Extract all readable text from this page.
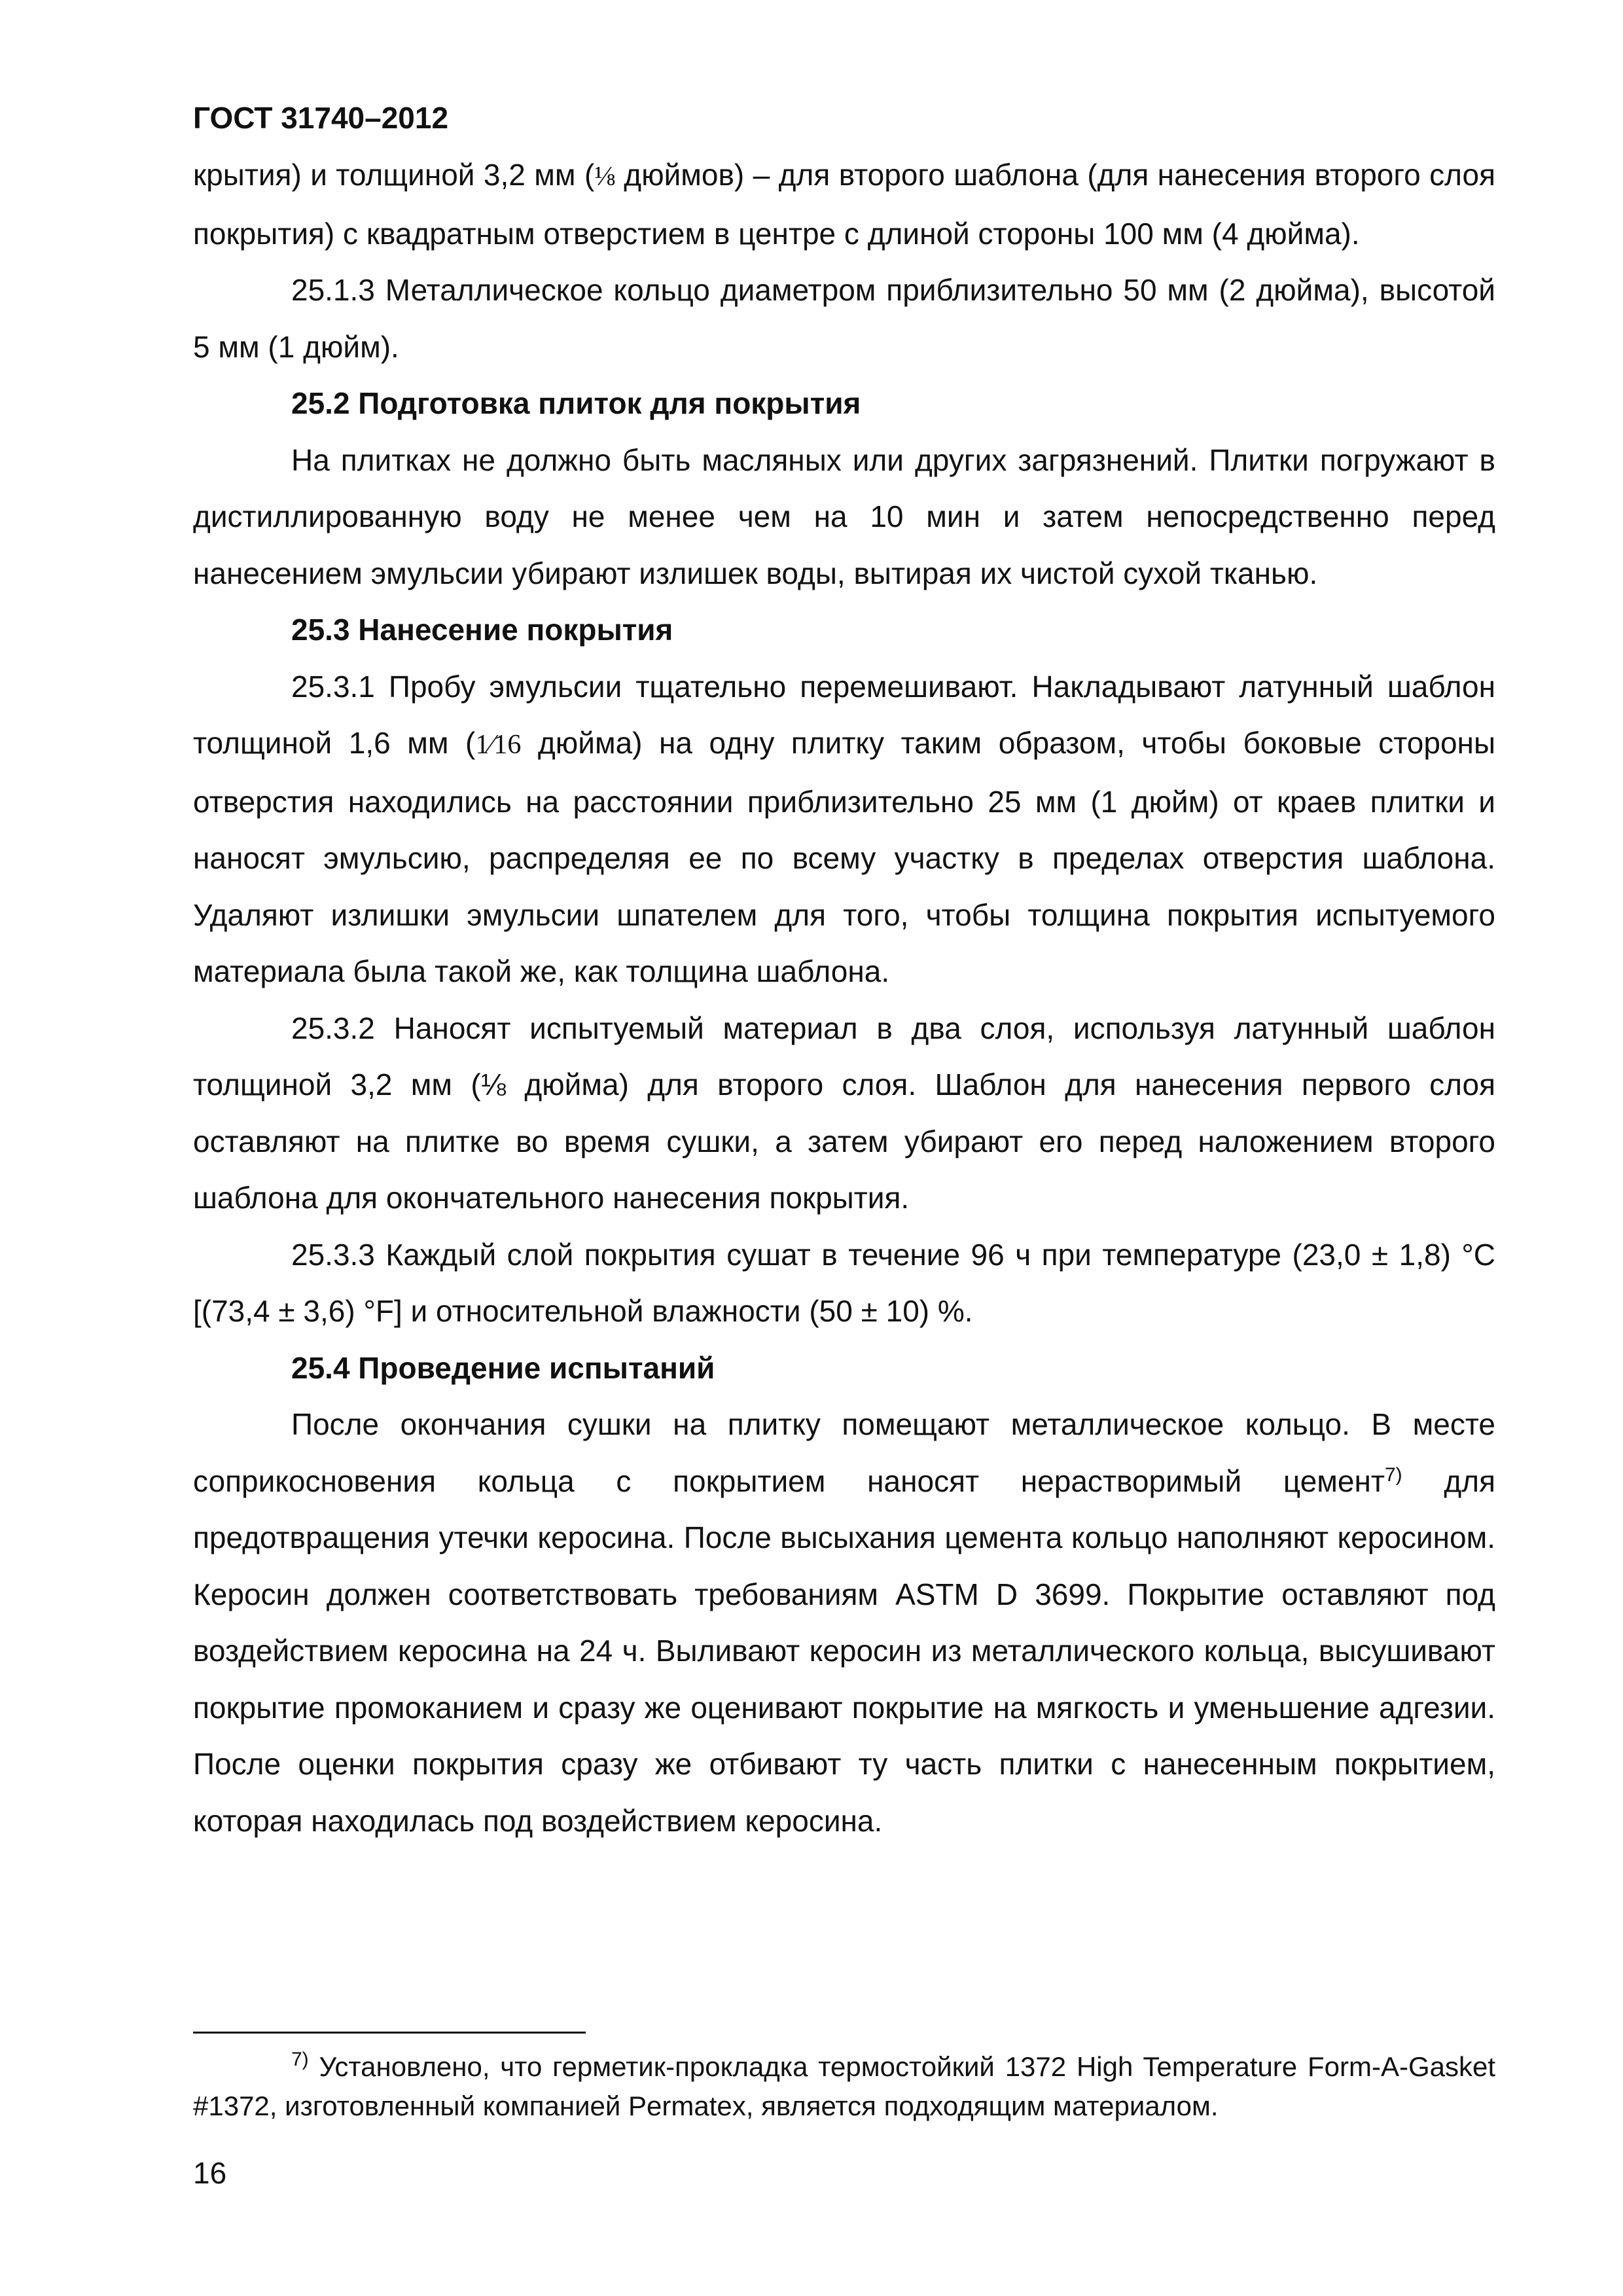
ГОСТ 31740–2012

крытия) и толщиной 3,2 мм (⅛ дюймов) – для второго шаблона (для нанесения второго слоя покрытия) с квадратным отверстием в центре с длиной стороны 100 мм (4 дюйма).

25.1.3 Металлическое кольцо диаметром приблизительно 50 мм (2 дюйма), высотой 5 мм (1 дюйм).

25.2 Подготовка плиток для покрытия

На плитках не должно быть масляных или других загрязнений. Плитки погружают в дистиллированную воду не менее чем на 10 мин и затем непосредственно перед нанесением эмульсии убирают излишек воды, вытирая их чистой сухой тканью.

25.3 Нанесение покрытия

25.3.1 Пробу эмульсии тщательно перемешивают. Накладывают латунный шаблон толщиной 1,6 мм (1⁄16 дюйма) на одну плитку таким образом, чтобы боковые стороны отверстия находились на расстоянии приблизительно 25 мм (1 дюйм) от краев плитки и наносят эмульсию, распределяя ее по всему участку в пределах отверстия шаблона. Удаляют излишки эмульсии шпателем для того, чтобы толщина покрытия испытуемого материала была такой же, как толщина шаблона.

25.3.2 Наносят испытуемый материал в два слоя, используя латунный шаблон толщиной 3,2 мм (⅛ дюйма) для второго слоя. Шаблон для нанесения первого слоя оставляют на плитке во время сушки, а затем убирают его перед наложением второго шаблона для окончательного нанесения покрытия.

25.3.3 Каждый слой покрытия сушат в течение 96 ч при температуре (23,0 ± 1,8) °C [(73,4 ± 3,6) °F] и относительной влажности (50 ± 10) %.

25.4 Проведение испытаний

После окончания сушки на плитку помещают металлическое кольцо. В месте соприкосновения кольца с покрытием наносят нерастворимый цемент$^{7)}$ для предотвращения утечки керосина. После высыхания цемента кольцо наполняют керосином. Керосин должен соответствовать требованиям ASTM D 3699. Покрытие оставляют под воздействием керосина на 24 ч. Выливают керосин из металлического кольца, высушивают покрытие промоканием и сразу же оценивают покрытие на мягкость и уменьшение адгезии. После оценки покрытия сразу же отбивают ту часть плитки с нанесенным покрытием, которая находилась под воздействием керосина.

$^{7)}$ Установлено, что герметик-прокладка термостойкий 1372 High Temperature Form-A-Gasket #1372, изготовленный компанией Permatex, является подходящим материалом.
16
